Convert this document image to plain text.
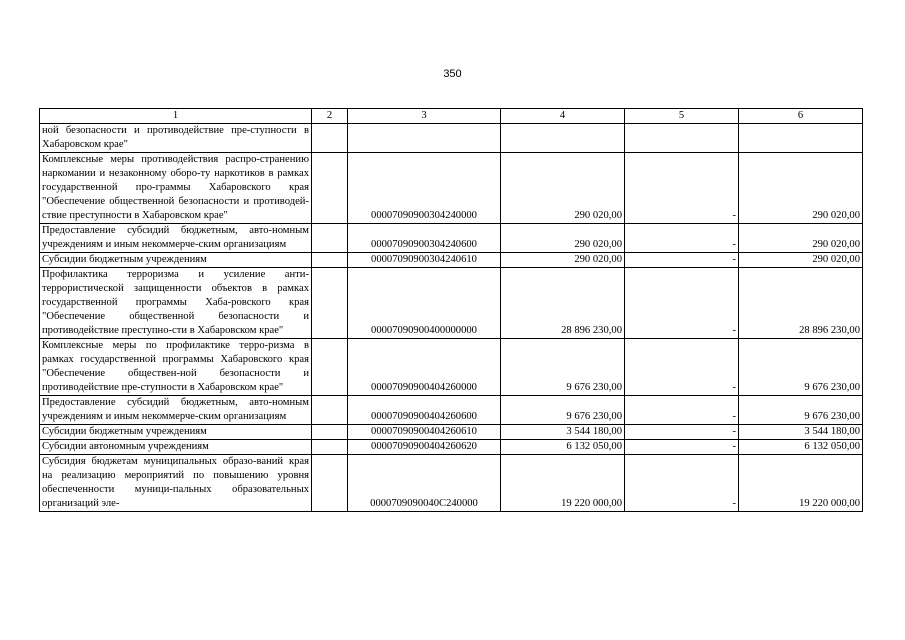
350
1	2	3	4	5	6
ной безопасности и противодействие пре-ступности в Хабаровском крае"					
Комплексные меры противодействия распро-странению наркомании и незаконному оборо-ту наркотиков в рамках государственной про-граммы Хабаровского края "Обеспечение общественной безопасности и противодей-ствие преступности в Хабаровском крае"		00007090900304240000	290 020,00	-	290 020,00
Предоставление субсидий бюджетным, авто-номным учреждениям и иным некоммерче-ским организациям		00007090900304240600	290 020,00	-	290 020,00
Субсидии бюджетным учреждениям		00007090900304240610	290 020,00	-	290 020,00
Профилактика терроризма и усиление анти-террористической защищенности объектов в рамках государственной программы Хаба-ровского края "Обеспечение общественной безопасности и противодействие преступно-сти в Хабаровском крае"		00007090900400000000	28 896 230,00	-	28 896 230,00
Комплексные меры по профилактике терро-ризма в рамках государственной программы Хабаровского края "Обеспечение обществен-ной безопасности и противодействие пре-ступности в Хабаровском крае"		00007090900404260000	9 676 230,00	-	9 676 230,00
Предоставление субсидий бюджетным, авто-номным учреждениям и иным некоммерче-ским организациям		00007090900404260600	9 676 230,00	-	9 676 230,00
Субсидии бюджетным учреждениям		00007090900404260610	3 544 180,00	-	3 544 180,00
Субсидии автономным учреждениям		00007090900404260620	6 132 050,00	-	6 132 050,00
Субсидия бюджетам муниципальных образо-ваний края на реализацию мероприятий по повышению уровня обеспеченности муници-пальных образовательных организаций эле-		0000709090040C240000	19 220 000,00	-	19 220 000,00
